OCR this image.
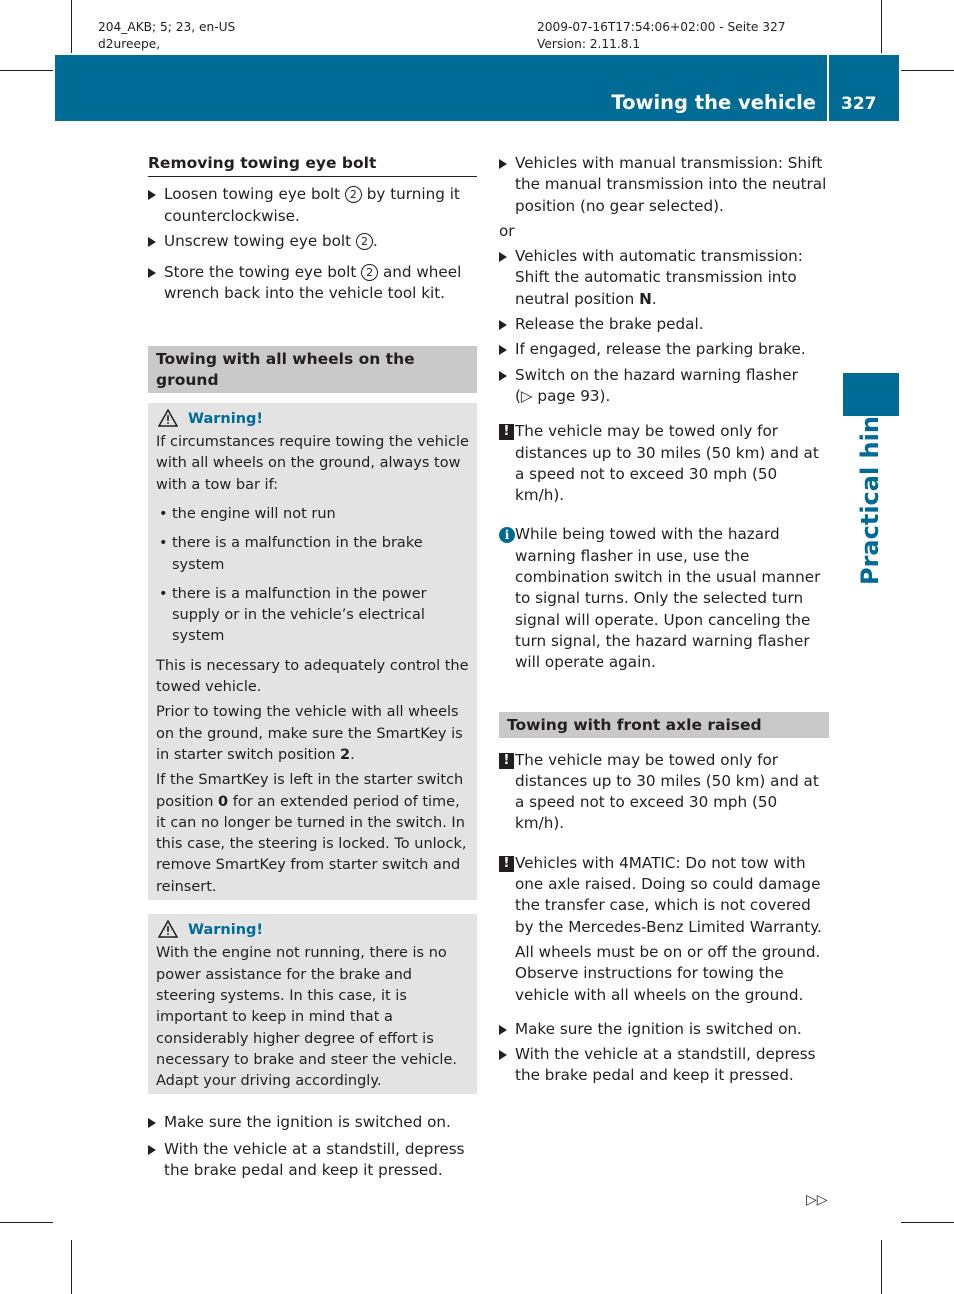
204_AKB; 5; 23, en-US
d2ureepe,
2009-07-16T17:54:06+02:00 - Seite 327
Version: 2.11.8.1
Towing the vehicle 327
Practical hints
Removing towing eye bolt
Loosen towing eye bolt 2 by turning it counterclockwise.
Unscrew towing eye bolt 2 .
Store the towing eye bolt 2 and wheel wrench back into the vehicle tool kit.
Towing with all wheels on the ground
Warning!

If circumstances require towing the vehicle with all wheels on the ground, always tow with a tow bar if:

• the engine will not run
• there is a malfunction in the brake system
• there is a malfunction in the power supply or in the vehicle’s electrical system

This is necessary to adequately control the towed vehicle.

Prior to towing the vehicle with all wheels on the ground, make sure the SmartKey is in starter switch position 2.

If the SmartKey is left in the starter switch position 0 for an extended period of time, it can no longer be turned in the switch. In this case, the steering is locked. To unlock, remove SmartKey from starter switch and reinsert.

Warning!

With the engine not running, there is no power assistance for the brake and steering systems. In this case, it is important to keep in mind that a considerably higher degree of effort is necessary to brake and steer the vehicle. Adapt your driving accordingly.

Make sure the ignition is switched on.
With the vehicle at a standstill, depress the brake pedal and keep it pressed.
Vehicles with manual transmission: Shift the manual transmission into the neutral position (no gear selected).

or

Vehicles with automatic transmission: Shift the automatic transmission into neutral position N.
Release the brake pedal.
If engaged, release the parking brake.
Switch on the hazard warning flasher
(▷ page 93).
! The vehicle may be towed only for distances up to 30 miles (50 km) and at a speed not to exceed 30 mph (50 km/h).

i While being towed with the hazard warning flasher in use, use the combination switch in the usual manner to signal turns. Only the selected turn signal will operate. Upon canceling the turn signal, the hazard warning flasher will operate again.

Towing with front axle raised
! The vehicle may be towed only for distances up to 30 miles (50 km) and at a speed not to exceed 30 mph (50 km/h).

! Vehicles with 4MATIC: Do not tow with one axle raised. Doing so could damage the transfer case, which is not covered by the Mercedes-Benz Limited Warranty.

All wheels must be on or off the ground. Observe instructions for towing the vehicle with all wheels on the ground.

Make sure the ignition is switched on.
With the vehicle at a standstill, depress the brake pedal and keep it pressed.
▷▷
